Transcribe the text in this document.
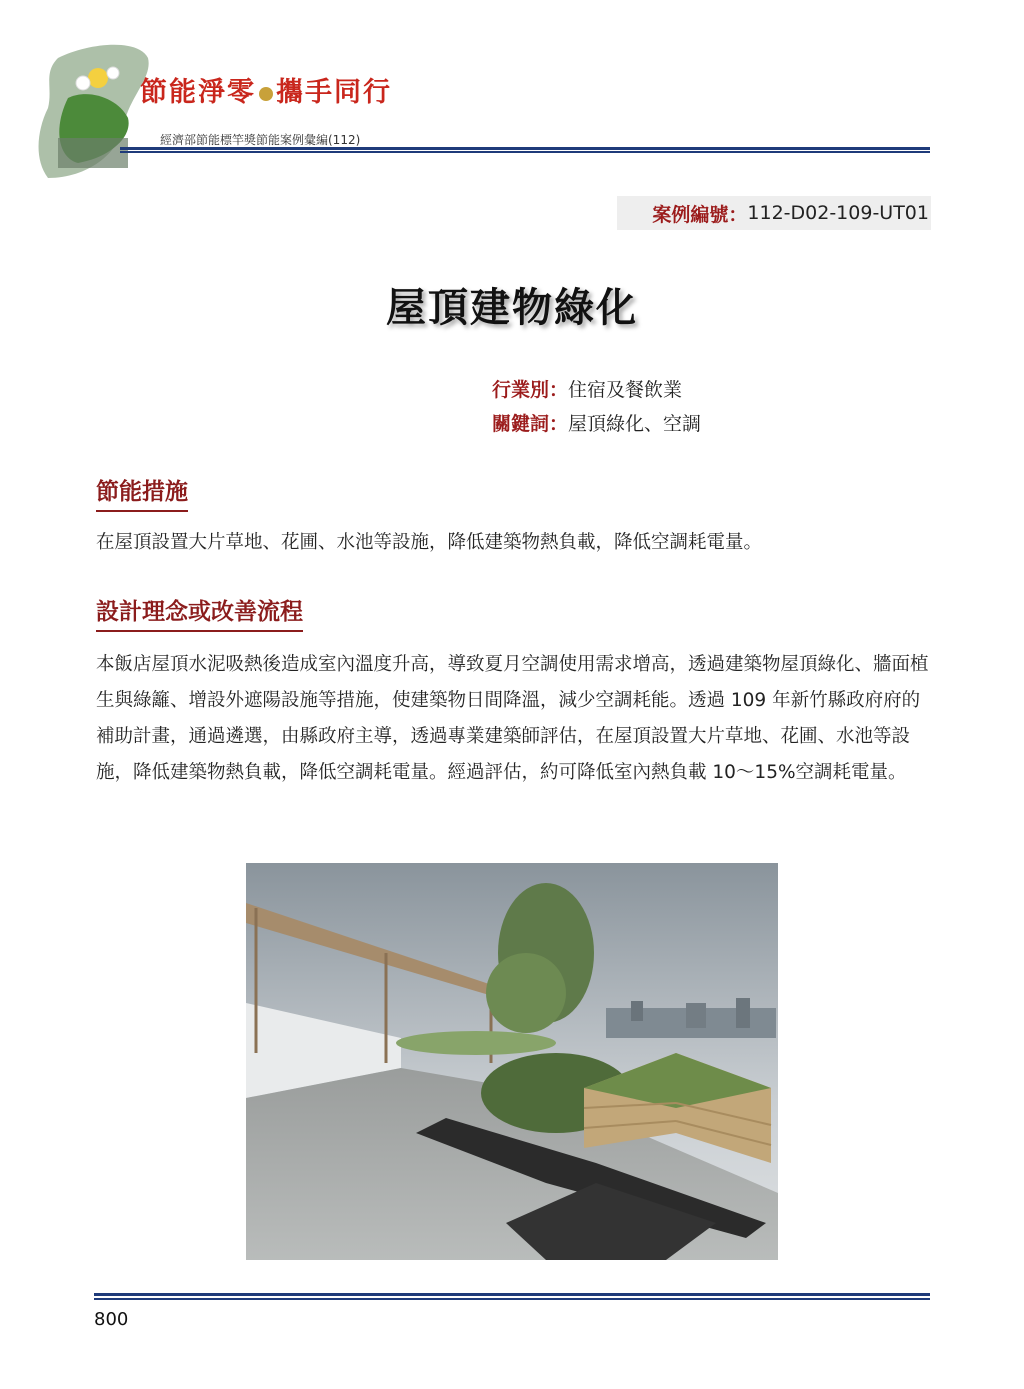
節能淨零 攜手同行
經濟部節能標竿獎節能案例彙編(112)
案例編號： 112-D02-109-UT01
屋頂建物綠化
行業別：住宿及餐飲業
關鍵詞：屋頂綠化、空調
節能措施
在屋頂設置大片草地、花圃、水池等設施，降低建築物熱負載，降低空調耗電量。
設計理念或改善流程
本飯店屋頂水泥吸熱後造成室內溫度升高，導致夏月空調使用需求增高，透過建築物屋頂綠化、牆面植生與綠籬、增設外遮陽設施等措施，使建築物日間降溫，減少空調耗能。透過 109 年新竹縣政府府的補助計畫，通過遴選，由縣政府主導，透過專業建築師評估，在屋頂設置大片草地、花圃、水池等設施，降低建築物熱負載，降低空調耗電量。經過評估，約可降低室內熱負載 10～15%空調耗電量。
800
